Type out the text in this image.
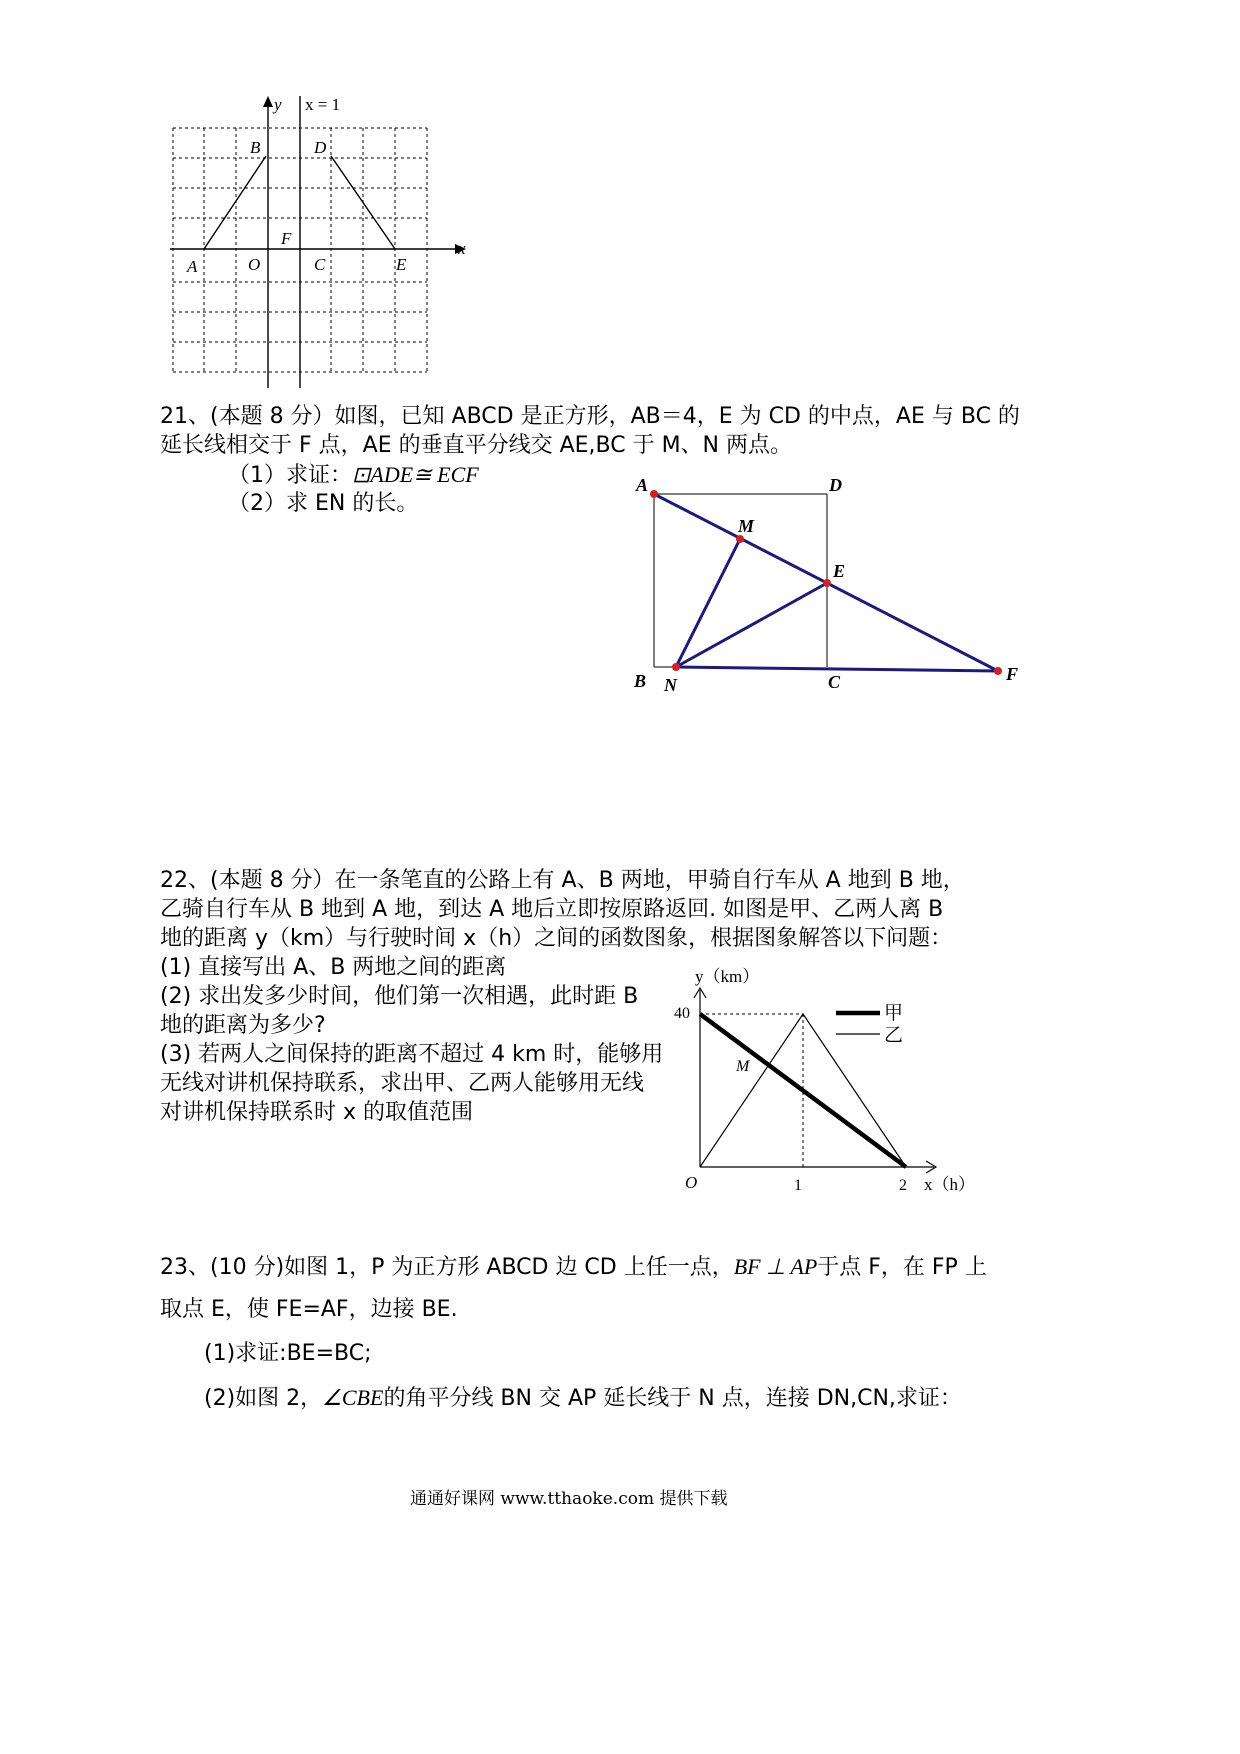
y x = 1
x
B	D
F
A	O	C	E
21、(本题 8 分）如图，已知 ABCD 是正方形，AB＝4，E 为 CD 的中点，AE 与 BC 的
延长线相交于 F 点，AE 的垂直平分线交 AE,BC 于 M、N 两点。
（1）求证：⊡ADE≅ ECF
（2）求 EN 的长。
A	D
M
E
B N	C	F
22、(本题 8 分）在一条笔直的公路上有 A、B 两地，甲骑自行车从 A 地到 B 地，
乙骑自行车从 B 地到 A 地，到达 A 地后立即按原路返回. 如图是甲、乙两人离 B
地的距离 y（km）与行驶时间 x（h）之间的函数图象，根据图象解答以下问题：
(1) 直接写出 A、B 两地之间的距离
(2) 求出发多少时间，他们第一次相遇，此时距 B
地的距离为多少?
(3) 若两人之间保持的距离不超过 4 km 时，能够用
无线对讲机保持联系，求出甲、乙两人能够用无线
对讲机保持联系时 x 的取值范围
y（km）
x（h）
O
40
1	2
M
甲
乙
23、(10 分)如图 1，P 为正方形 ABCD 边 CD 上任一点，BF ⊥ AP于点 F，在 FP 上
取点 E，使 FE=AF，边接 BE.
(1)求证:BE=BC;
(2)如图 2，∠CBE的角平分线 BN 交 AP 延长线于 N 点，连接 DN,CN,求证：
通通好课网 www.tthaoke.com 提供下载
